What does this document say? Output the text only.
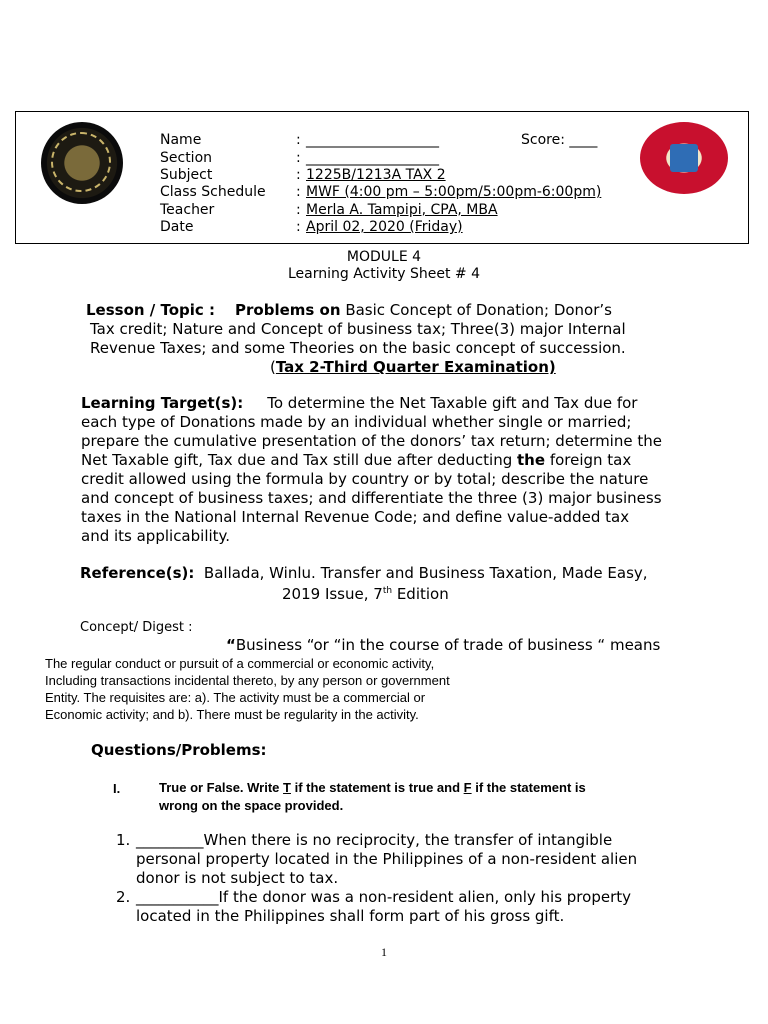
Name	: ___________________	Score: ____
Section	: ___________________
Subject	: 1225B/1213A TAX 2
Class Schedule : MWF (4:00 pm – 5:00pm/5:00pm-6:00pm)
Teacher	: Merla A. Tampipi, CPA, MBA
Date	: April 02, 2020 (Friday)
MODULE 4
Learning Activity Sheet # 4
Lesson / Topic : Problems on Basic Concept of Donation; Donor’s
Tax credit; Nature and Concept of business tax; Three(3) major Internal
Revenue Taxes; and some Theories on the basic concept of succession.
(Tax 2-Third Quarter Examination)
Learning Target(s): To determine the Net Taxable gift and Tax due for
each type of Donations made by an individual whether single or married;
prepare the cumulative presentation of the donors’ tax return; determine the
Net Taxable gift, Tax due and Tax still due after deducting the foreign tax
credit allowed using the formula by country or by total; describe the nature
and concept of business taxes; and differentiate the three (3) major business
taxes in the National Internal Revenue Code; and define value-added tax
and its applicability.
Reference(s): Ballada, Winlu. Transfer and Business Taxation, Made Easy,
2019 Issue, 7th Edition
Concept/ Digest :
“Business “or “in the course of trade of business “ means
The regular conduct or pursuit of a commercial or economic activity,
Including transactions incidental thereto, by any person or government
Entity. The requisites are: a). The activity must be a commercial or
Economic activity; and b). There must be regularity in the activity.
Questions/Problems:
I.	True or False. Write T if the statement is true and F if the statement is
wrong on the space provided.
1. _________When there is no reciprocity, the transfer of intangible
personal property located in the Philippines of a non-resident alien
donor is not subject to tax.
2. ___________If the donor was a non-resident alien, only his property
located in the Philippines shall form part of his gross gift.
1
